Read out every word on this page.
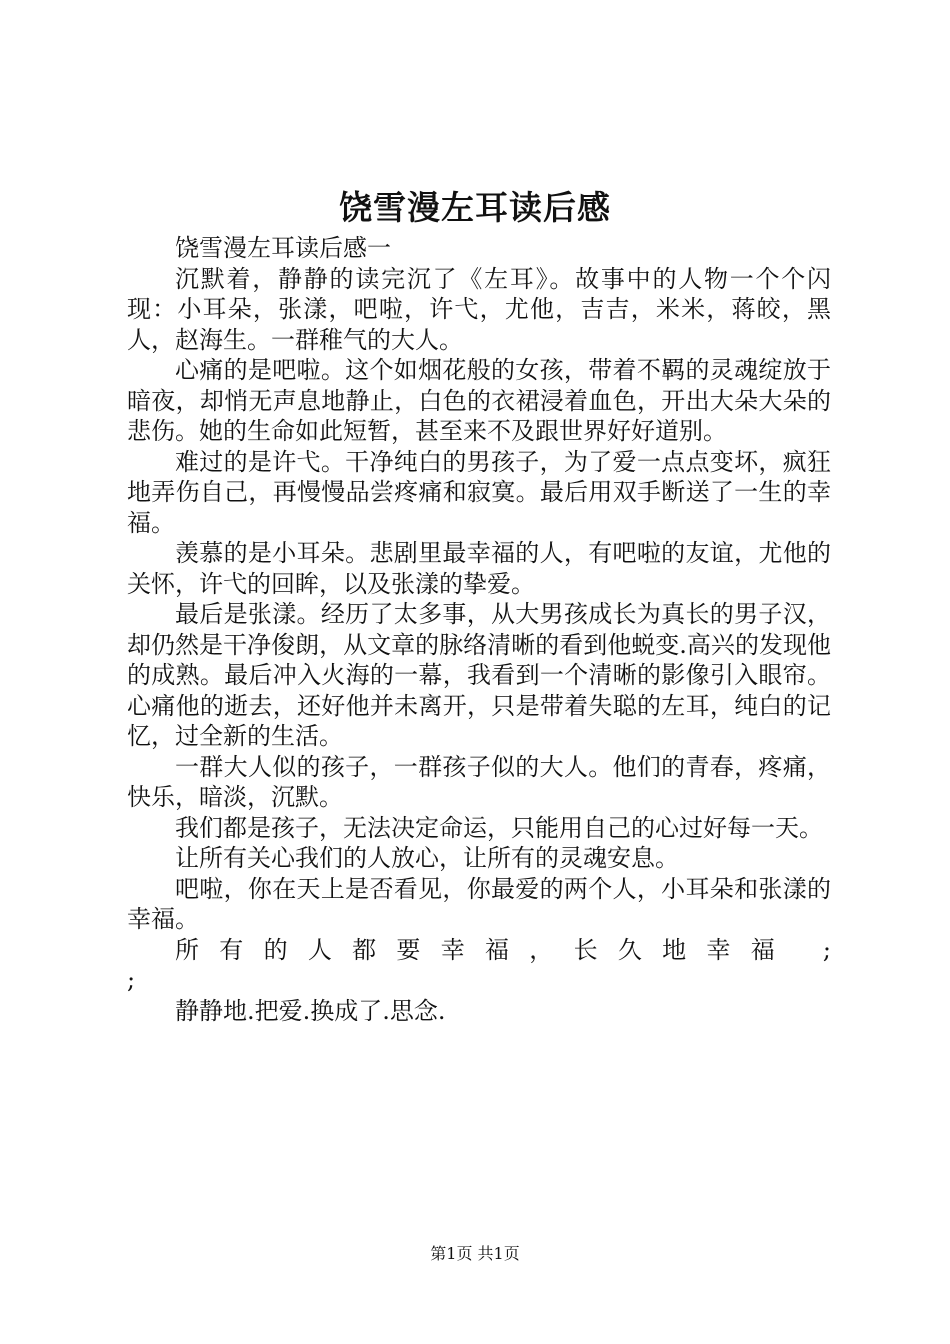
饶雪漫左耳读后感

饶雪漫左耳读后感一

沉默着，静静的读完沉了《左耳》。故事中的人物一个个闪现：小耳朵，张漾，吧啦，许弋，尤他，吉吉，米米，蒋皎，黑人，赵海生。一群稚气的大人。

心痛的是吧啦。这个如烟花般的女孩，带着不羁的灵魂绽放于暗夜，却悄无声息地静止，白色的衣裙浸着血色，开出大朵大朵的悲伤。她的生命如此短暂，甚至来不及跟世界好好道别。

难过的是许弋。干净纯白的男孩子，为了爱一点点变坏，疯狂地弄伤自己，再慢慢品尝疼痛和寂寞。最后用双手断送了一生的幸福。

羡慕的是小耳朵。悲剧里最幸福的人，有吧啦的友谊，尤他的关怀，许弋的回眸，以及张漾的挚爱。

最后是张漾。经历了太多事，从大男孩成长为真长的男子汉，却仍然是干净俊朗，从文章的脉络清晰的看到他蜕变.高兴的发现他的成熟。最后冲入火海的一幕，我看到一个清晰的影像引入眼帘。心痛他的逝去，还好他并未离开，只是带着失聪的左耳，纯白的记忆，过全新的生活。

一群大人似的孩子，一群孩子似的大人。他们的青春，疼痛，快乐，暗淡，沉默。

我们都是孩子，无法决定命运，只能用自己的心过好每一天。

让所有关心我们的人放心，让所有的灵魂安息。

吧啦，你在天上是否看见，你最爱的两个人，小耳朵和张漾的幸福。

所有的人都要幸福，长久地幸福 ;

;

静静地.把爱.换成了.思念.

第1页 共1页
